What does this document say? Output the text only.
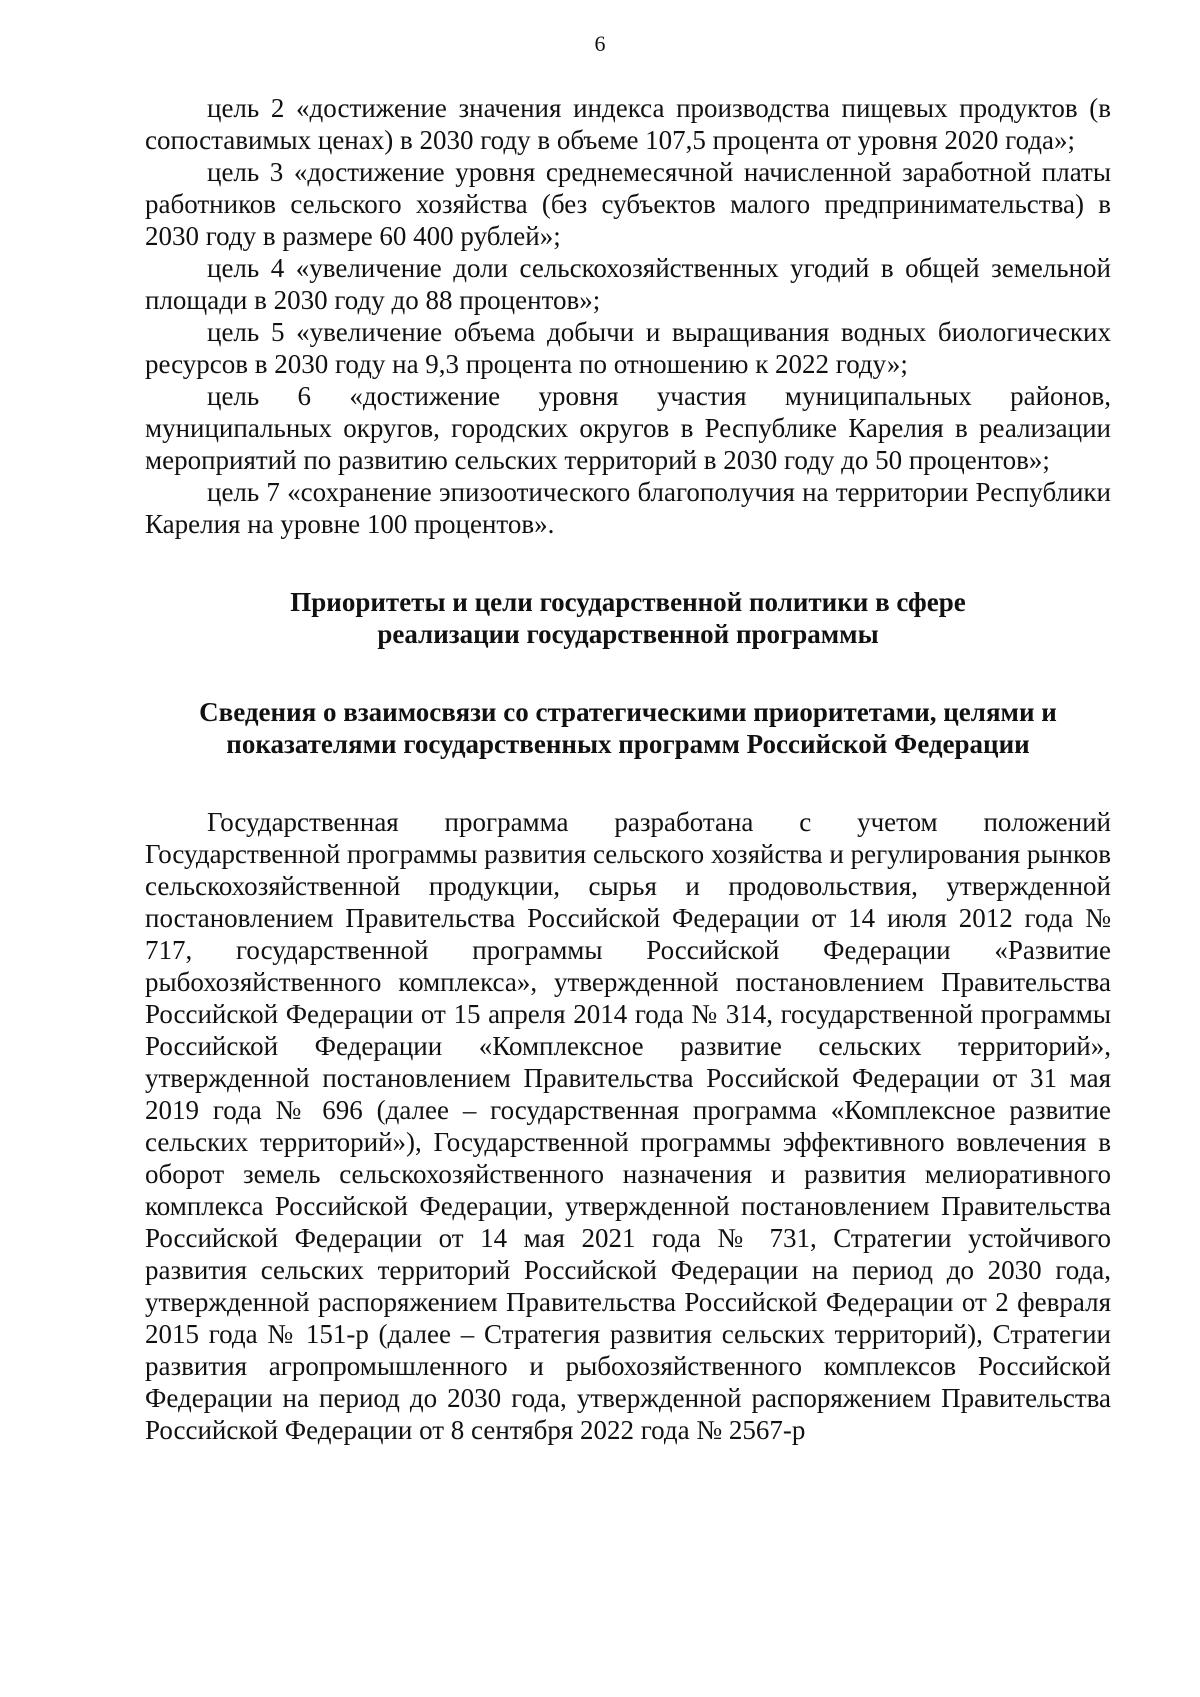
6

цель 2 «достижение значения индекса производства пищевых продуктов (в сопоставимых ценах) в 2030 году в объеме 107,5 процента от уровня 2020 года»;

цель 3 «достижение уровня среднемесячной начисленной заработной платы работников сельского хозяйства (без субъектов малого предпринимательства) в 2030 году в размере 60 400 рублей»;

цель 4 «увеличение доли сельскохозяйственных угодий в общей земельной площади в 2030 году до 88 процентов»;

цель 5 «увеличение объема добычи и выращивания водных биологических ресурсов в 2030 году на 9,3 процента по отношению к 2022 году»;

цель 6 «достижение уровня участия муниципальных районов, муниципальных округов, городских округов в Республике Карелия в реализации мероприятий по развитию сельских территорий в 2030 году до 50 процентов»;

цель 7 «сохранение эпизоотического благополучия на территории Республики Карелия на уровне 100 процентов».

Приоритеты и цели государственной политики в сфере
реализации государственной программы
Сведения о взаимосвязи со стратегическими приоритетами, целями и
показателями государственных программ Российской Федерации

Государственная программа разработана с учетом положений Государственной программы развития сельского хозяйства и регулирования рынков сельскохозяйственной продукции, сырья и продовольствия, утвержденной постановлением Правительства Российской Федерации от 14 июля 2012 года № 717, государственной программы Российской Федерации «Развитие рыбохозяйственного комплекса», утвержденной постановлением Правительства Российской Федерации от 15 апреля 2014 года № 314, государственной программы Российской Федерации «Комплексное развитие сельских территорий», утвержденной постановлением Правительства Российской Федерации от 31 мая 2019 года № 696 (далее – государственная программа «Комплексное развитие сельских территорий»), Государственной программы эффективного вовлечения в оборот земель сельскохозяйственного назначения и развития мелиоративного комплекса Российской Федерации, утвержденной постановлением Правительства Российской Федерации от 14 мая 2021 года № 731, Стратегии устойчивого развития сельских территорий Российской Федерации на период до 2030 года, утвержденной распоряжением Правительства Российской Федерации от 2 февраля 2015 года № 151-р (далее – Стратегия развития сельских территорий), Стратегии развития агропромышленного и рыбохозяйственного комплексов Российской Федерации на период до 2030 года, утвержденной распоряжением Правительства Российской Федерации от 8 сентября 2022 года № 2567-р
